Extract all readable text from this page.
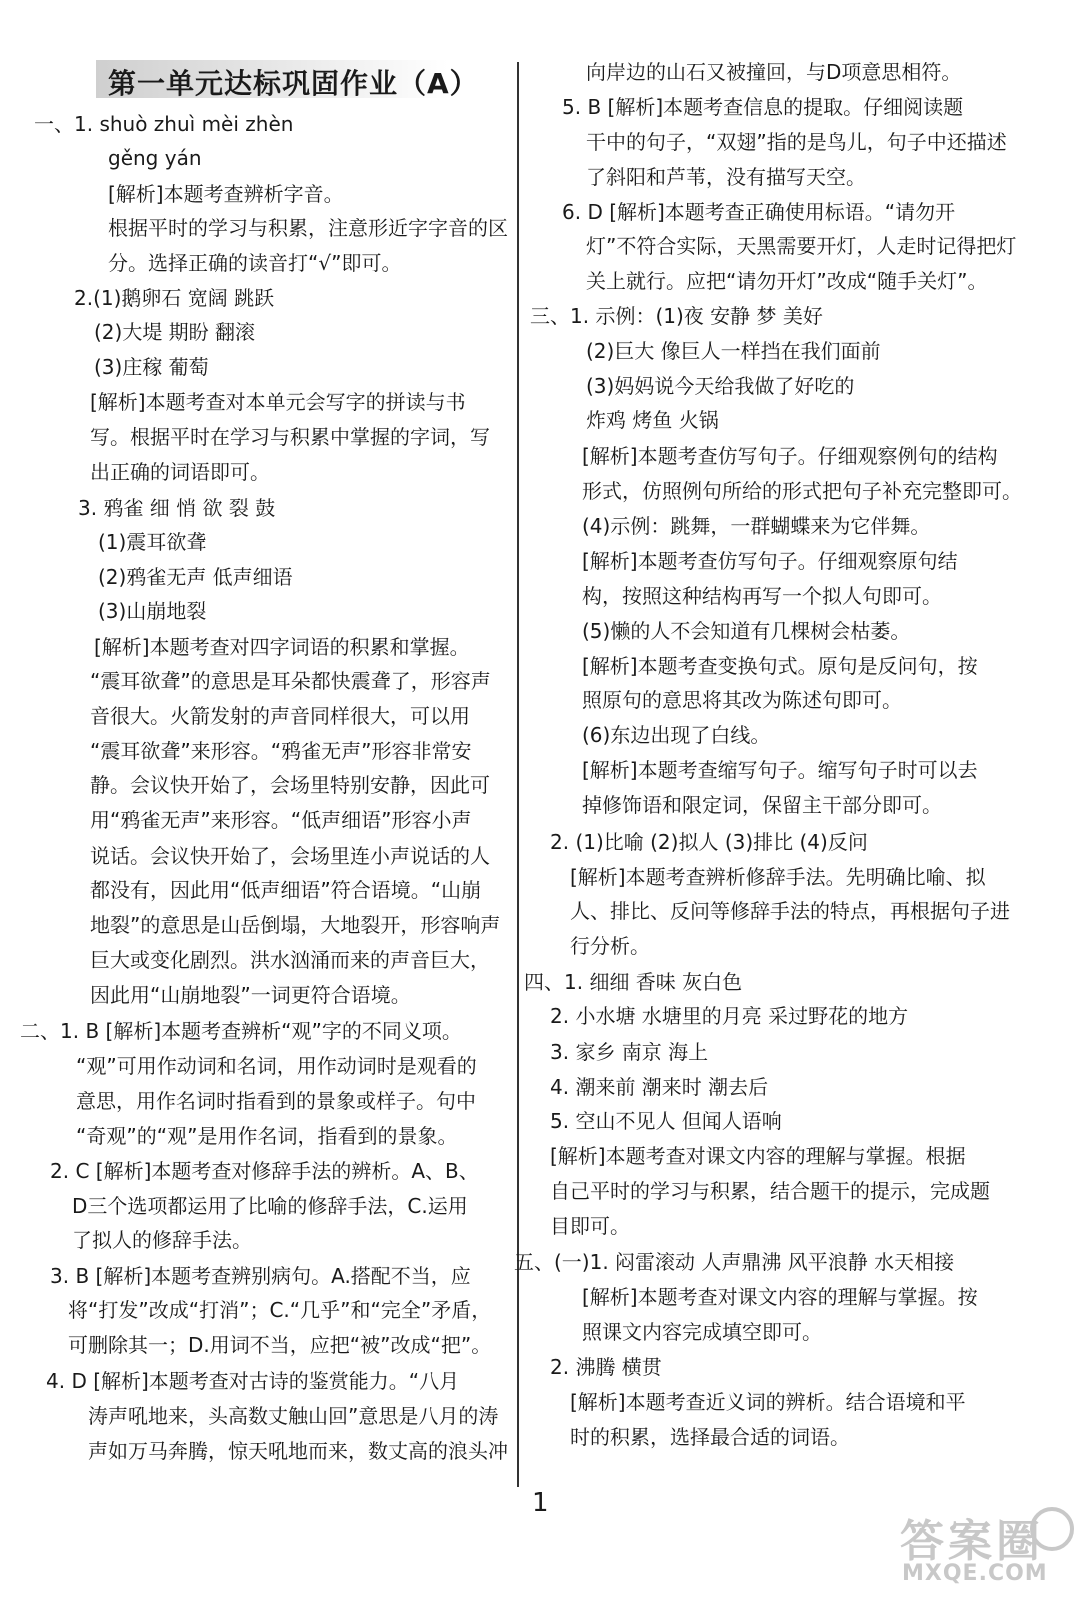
第一单元达标巩固作业（A）
一、1. shuò zhuì mèi zhèn
gěng yán
[解析]本题考查辨析字音。
根据平时的学习与积累，注意形近字字音的区
分。选择正确的读音打“√”即可。
2.(1)鹅卵石 宽阔 跳跃
(2)大堤 期盼 翻滚
(3)庄稼 葡萄
[解析]本题考查对本单元会写字的拼读与书
写。根据平时在学习与积累中掌握的字词，写
出正确的词语即可。
3. 鸦雀 细 悄 欲 裂 鼓
(1)震耳欲聋
(2)鸦雀无声 低声细语
(3)山崩地裂
[解析]本题考查对四字词语的积累和掌握。
“震耳欲聋”的意思是耳朵都快震聋了，形容声
音很大。火箭发射的声音同样很大，可以用
“震耳欲聋”来形容。“鸦雀无声”形容非常安
静。会议快开始了，会场里特别安静，因此可
用“鸦雀无声”来形容。“低声细语”形容小声
说话。会议快开始了，会场里连小声说话的人
都没有，因此用“低声细语”符合语境。“山崩
地裂”的意思是山岳倒塌，大地裂开，形容响声
巨大或变化剧烈。洪水汹涌而来的声音巨大，
因此用“山崩地裂”一词更符合语境。
二、1. B [解析]本题考查辨析“观”字的不同义项。
“观”可用作动词和名词，用作动词时是观看的
意思，用作名词时指看到的景象或样子。句中
“奇观”的“观”是用作名词，指看到的景象。
2. C [解析]本题考查对修辞手法的辨析。A、B、
D三个选项都运用了比喻的修辞手法，C.运用
了拟人的修辞手法。
3. B [解析]本题考查辨别病句。A.搭配不当，应
将“打发”改成“打消”；C.“几乎”和“完全”矛盾，
可删除其一；D.用词不当，应把“被”改成“把”。
4. D [解析]本题考查对古诗的鉴赏能力。“八月
涛声吼地来，头高数丈触山回”意思是八月的涛
声如万马奔腾，惊天吼地而来，数丈高的浪头冲
向岸边的山石又被撞回，与D项意思相符。
5. B [解析]本题考查信息的提取。仔细阅读题
干中的句子，“双翅”指的是鸟儿，句子中还描述
了斜阳和芦苇，没有描写天空。
6. D [解析]本题考查正确使用标语。“请勿开
灯”不符合实际，天黑需要开灯，人走时记得把灯
关上就行。应把“请勿开灯”改成“随手关灯”。
三、1. 示例：(1)夜 安静 梦 美好
(2)巨大 像巨人一样挡在我们面前
(3)妈妈说今天给我做了好吃的
炸鸡 烤鱼 火锅
[解析]本题考查仿写句子。仔细观察例句的结构
形式，仿照例句所给的形式把句子补充完整即可。
(4)示例：跳舞，一群蝴蝶来为它伴舞。
[解析]本题考查仿写句子。仔细观察原句结
构，按照这种结构再写一个拟人句即可。
(5)懒的人不会知道有几棵树会枯萎。
[解析]本题考查变换句式。原句是反问句，按
照原句的意思将其改为陈述句即可。
(6)东边出现了白线。
[解析]本题考查缩写句子。缩写句子时可以去
掉修饰语和限定词，保留主干部分即可。
2. (1)比喻 (2)拟人 (3)排比 (4)反问
[解析]本题考查辨析修辞手法。先明确比喻、拟
人、排比、反问等修辞手法的特点，再根据句子进
行分析。
四、1. 细细 香味 灰白色
2. 小水塘 水塘里的月亮 采过野花的地方
3. 家乡 南京 海上
4. 潮来前 潮来时 潮去后
5. 空山不见人 但闻人语响
[解析]本题考查对课文内容的理解与掌握。根据
自己平时的学习与积累，结合题干的提示，完成题
目即可。
五、(一)1. 闷雷滚动 人声鼎沸 风平浪静 水天相接
[解析]本题考查对课文内容的理解与掌握。按
照课文内容完成填空即可。
2. 沸腾 横贯
[解析]本题考查近义词的辨析。结合语境和平
时的积累，选择最合适的词语。
1
答案圈
MXQE.COM
